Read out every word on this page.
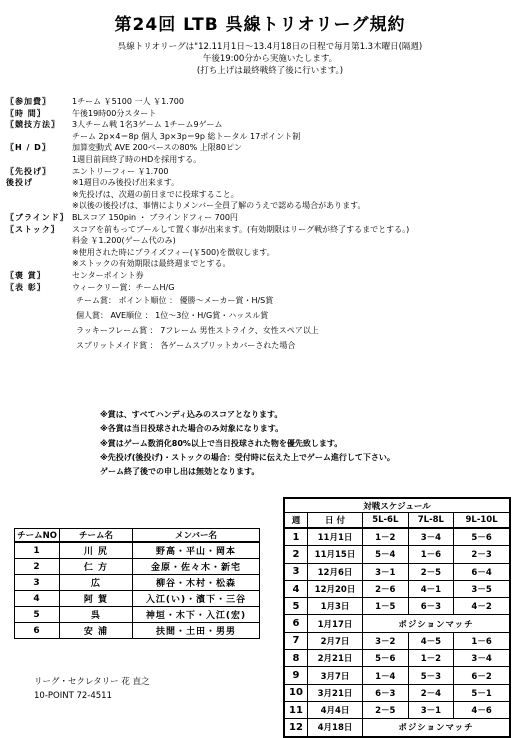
第24回 LTB 呉線トリオリーグ規約
呉線トリオリーグは"12.11月1日～13.4月18日の日程で毎月第1.3木曜日(隔週)
午後19:00分から実施いたします。
(打ち上げは最終戦終了後に行います。)
〖参加費〗	1チーム ￥5100 一人 ￥1.700
〖時 間〗	午後19時00分スタート
〖競技方法〗	3人チーム戦 1名3ゲーム 1チーム9ゲーム
チーム 2p×4＝8p 個人 3p×3p＝9p 総トータル 17ポイント制
〖H / D〗	加算変動式 AVE 200ベースの80% 上限80ピン
1週目前回終了時のHDを採用する。
〖先投げ〗	エントリーフィー ￥1.700
後投げ	※1週目のみ後投げ出来ます。
※先投げは、次週の前日までに投球すること。
※以後の後投げは、事情によりメンバー全員了解のうえで認める場合があります。
〖ブラインド〗 BLスコア 150pin ・ ブラインドフィー 700円
〖ストック〗	スコアを前もってプールして置く事が出来ます。(有効期限はリーグ戦が終了するまでとする。)
料金 ￥1.200(ゲーム代のみ)
※使用された時にプライズフィー(￥500)を徴収します。
※ストックの有効期限は最終週までとする。
〖褒 賞〗	センターポイント券
〖表 彰〗	ウィークリー賞：チームH/G
チーム賞： ポイント順位 ： 優勝～メーカー賞・H/S賞
個人賞： AVE順位 ： 1位～3位・H/G賞・ハッスル賞
ラッキーフレーム賞 ： 7フレーム 男性ストライク、女性スペア以上
スプリットメイド賞 ： 各ゲームスプリットカバーされた場合
※賞は、すべてハンディ込みのスコアとなります。
※各賞は当日投球された場合のみ対象になります。
※賞はゲーム数消化80%以上で当日投球された物を優先致します。
※先投げ(後投げ)・ストックの場合：受付時に伝えた上でゲーム進行して下さい。
ゲーム終了後での申し出は無効となります。
対戦スケジュール				
週	日 付	5L-6L	7L-8L	9L-10L
1	11月1日	1－2	3－4	5－6
2	11月15日	5－4	1－6	2－3
3	12月6日	3－1	2－5	6－4
4	12月20日	2－6	4－1	3－5
5	1月3日	1－5	6－3	4－2
6	1月17日	ポジションマッチ		
7	2月7日	3－2	4－5	1－6
8	2月21日	5－6	1－2	3－4
9	3月7日	1－4	5－3	6－2
10	3月21日	6－3	2－4	5－1
11	4月4日	2－5	3－1	4－6
12	4月18日	ポジションマッチ		
チームNO	チーム名	メンバー名
1	川 尻	野高・平山・岡本
2	仁 方	金原・佐々木・新宅
3	広	柳谷・木村・松森
4	阿 賀	入江(い)・濱下・三谷
5	呉	神垣・木下・入江(宏)
6	安 浦	扶間・土田・男男
リーグ・セクレタリー 花 直之
10-POINT 72-4511
